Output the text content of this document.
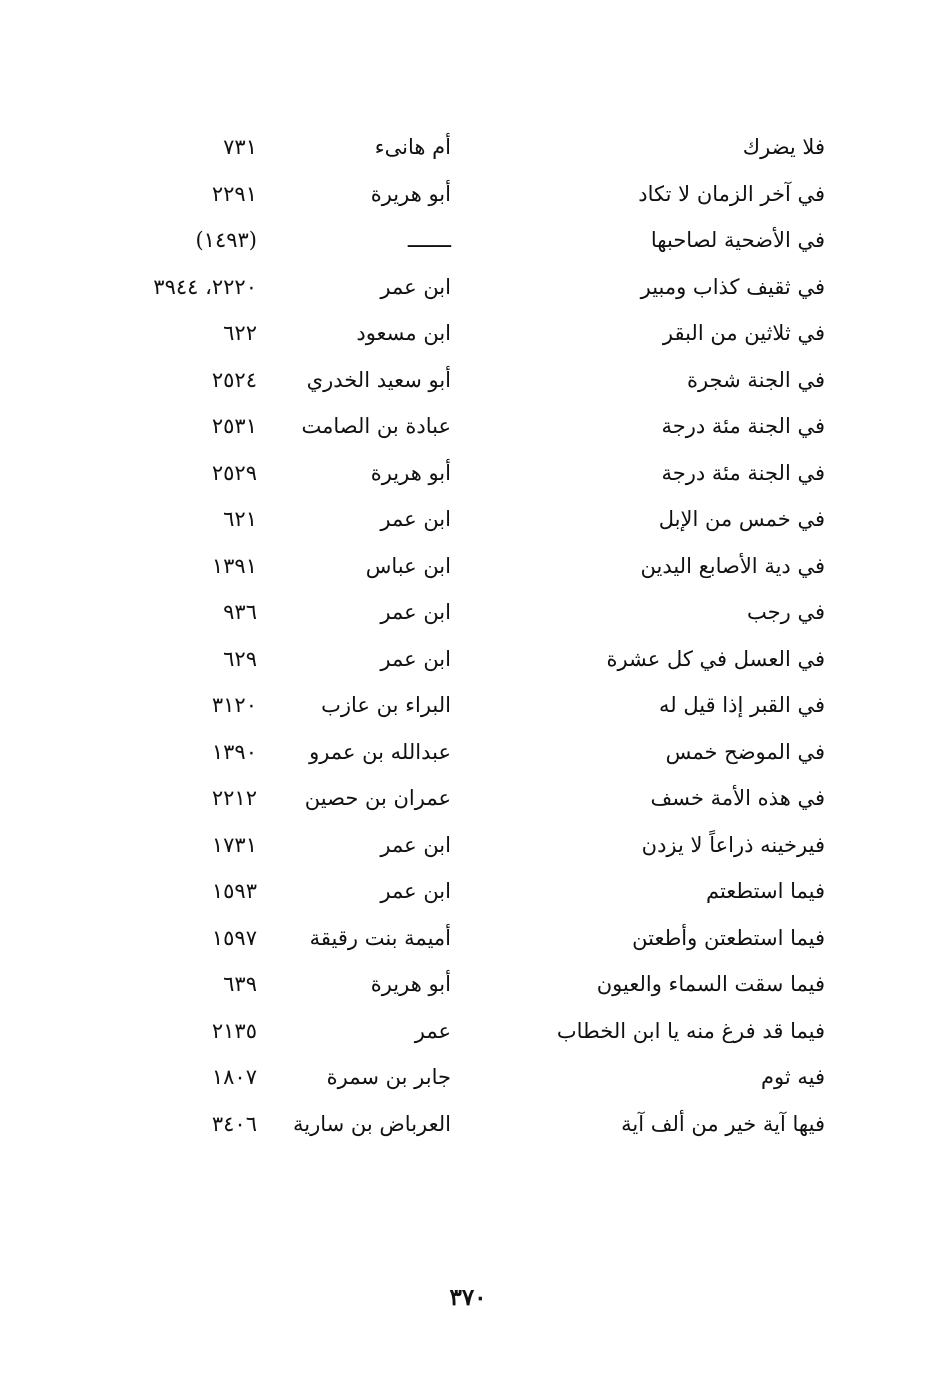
فلا يضرك
أم هانىء
٧٣١
في آخر الزمان لا تكاد
أبو هريرة
٢٢٩١
في الأضحية لصاحبها
ـــــــ
(١٤٩٣)
في ثقيف كذاب ومبير
ابن عمر
٢٢٢٠، ٣٩٤٤
في ثلاثين من البقر
ابن مسعود
٦٢٢
في الجنة شجرة
أبو سعيد الخدري
٢٥٢٤
في الجنة مئة درجة
عبادة بن الصامت
٢٥٣١
في الجنة مئة درجة
أبو هريرة
٢٥٢٩
في خمس من الإبل
ابن عمر
٦٢١
في دية الأصابع اليدين
ابن عباس
١٣٩١
في رجب
ابن عمر
٩٣٦
في العسل في كل عشرة
ابن عمر
٦٢٩
في القبر إذا قيل له
البراء بن عازب
٣١٢٠
في الموضح خمس
عبدالله بن عمرو
١٣٩٠
في هذه الأمة خسف
عمران بن حصين
٢٢١٢
فيرخينه ذراعاً لا يزدن
ابن عمر
١٧٣١
فيما استطعتم
ابن عمر
١٥٩٣
فيما استطعتن وأطعتن
أميمة بنت رقيقة
١٥٩٧
فيما سقت السماء والعيون
أبو هريرة
٦٣٩
فيما قد فرغ منه يا ابن الخطاب
عمر
٢١٣٥
فيه ثوم
جابر بن سمرة
١٨٠٧
فيها آية خير من ألف آية
العرباض بن سارية
٣٤٠٦
٣٧٠
